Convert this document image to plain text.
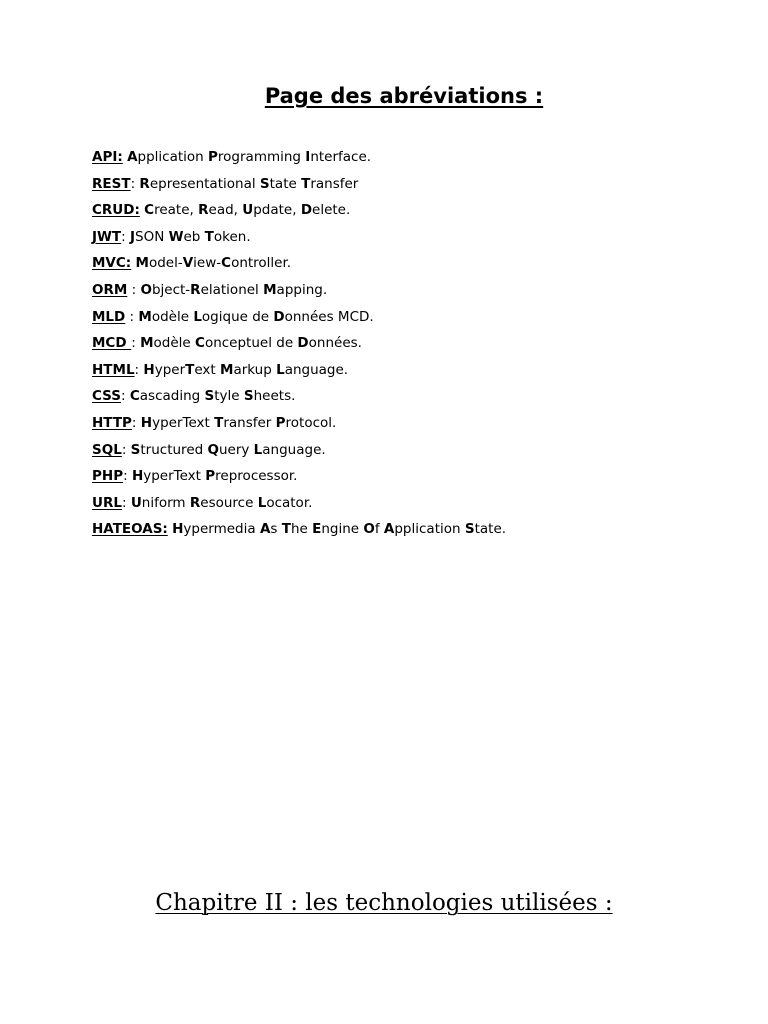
Page des abréviations :
API: Application Programming Interface.
REST: Representational State Transfer
CRUD: Create, Read, Update, Delete.
JWT: JSON Web Token.
MVC: Model-View-Controller.
ORM : Object-Relationel Mapping.
MLD : Modèle Logique de Données MCD.
MCD : Modèle Conceptuel de Données.
HTML: HyperText Markup Language.
CSS: Cascading Style Sheets.
HTTP: HyperText Transfer Protocol.
SQL: Structured Query Language.
PHP: HyperText Preprocessor.
URL: Uniform Resource Locator.
HATEOAS: Hypermedia As The Engine Of Application State.
Chapitre II : les technologies utilisées :
